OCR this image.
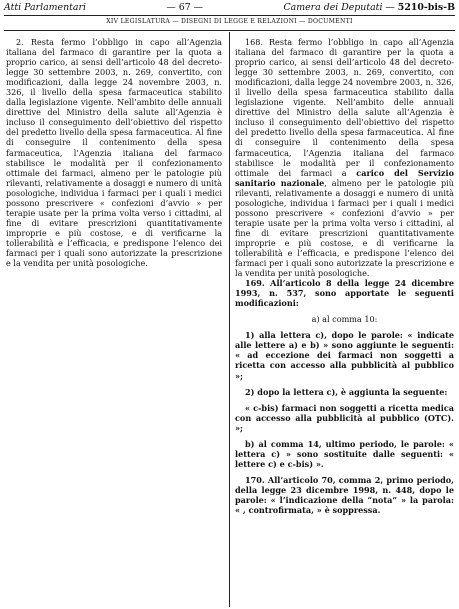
Atti Parlamentari	— 67 —	Camera dei Deputati — 5210-bis-B
XIV LEGISLATURA — DISEGNI DI LEGGE E RELAZIONI — DOCUMENTI

2. Resta fermo l’obbligo in capo all’Agenzia italiana del farmaco di garantire per la quota a proprio carico, ai sensi dell’articolo 48 del decreto-legge 30 settembre 2003, n. 269, convertito, con modificazioni, dalla legge 24 novembre 2003, n. 326, il livello della spesa farmaceutica stabilito dalla legislazione vigente. Nell’ambito delle annuali direttive del Ministro della salute all’Agenzia è incluso il conseguimento dell’obiettivo del rispetto del predetto livello della spesa farmaceutica. Al fine di conseguire il contenimento della spesa farmaceutica, l’Agenzia italiana del farmaco stabilisce le modalità per il confezionamento ottimale dei farmaci, almeno per le patologie più rilevanti, relativamente a dosaggi e numero di unità posologiche, individua i farmaci per i quali i medici possono prescrivere « confezioni d’avvio » per terapie usate per la prima volta verso i cittadini, al fine di evitare prescrizioni quantitativamente improprie e più costose, e di verificarne la tollerabilità e l’efficacia, e predispone l’elenco dei farmaci per i quali sono autorizzate la prescrizione e la vendita per unità posologiche.

168. Resta fermo l’obbligo in capo all’Agenzia italiana del farmaco di garantire per la quota a proprio carico, ai sensi dell’articolo 48 del decreto-legge 30 settembre 2003, n. 269, convertito, con modificazioni, dalla legge 24 novembre 2003, n. 326, il livello della spesa farmaceutica stabilito dalla legislazione vigente. Nell’ambito delle annuali direttive del Ministro della salute all’Agenzia è incluso il conseguimento dell’obiettivo del rispetto del predetto livello della spesa farmaceutica. Al fine di conseguire il contenimento della spesa farmaceutica, l’Agenzia italiana del farmaco stabilisce le modalità per il confezionamento ottimale dei farmaci a carico del Servizio sanitario nazionale, almeno per le patologie più rilevanti, relativamente a dosaggi e numero di unità posologiche, individua i farmaci per i quali i medici possono prescrivere « confezioni d’avvio » per terapie usate per la prima volta verso i cittadini, al fine di evitare prescrizioni quantitativamente improprie e più costose, e di verificarne la tollerabilità e l’efficacia, e predispone l’elenco dei farmaci per i quali sono autorizzate la prescrizione e la vendita per unità posologiche.

169. All’articolo 8 della legge 24 dicembre 1993, n. 537, sono apportate le seguenti modificazioni:

a) al comma 10:

1) alla lettera c), dopo le parole: « indicate alle lettere a) e b) » sono aggiunte le seguenti: « ad eccezione dei farmaci non soggetti a ricetta con accesso alla pubblicità al pubblico »;

2) dopo la lettera c), è aggiunta la seguente:

« c-bis) farmaci non soggetti a ricetta medica con accesso alla pubblicità al pubblico (OTC). »;

b) al comma 14, ultimo periodo, le parole: « lettera c) » sono sostituite dalle seguenti: « lettere c) e c-bis) ».

170. All’articolo 70, comma 2, primo periodo, della legge 23 dicembre 1998, n. 448, dopo le parole: « l’indicazione della “nota” » la parola: « , controfirmata, » è soppressa.
